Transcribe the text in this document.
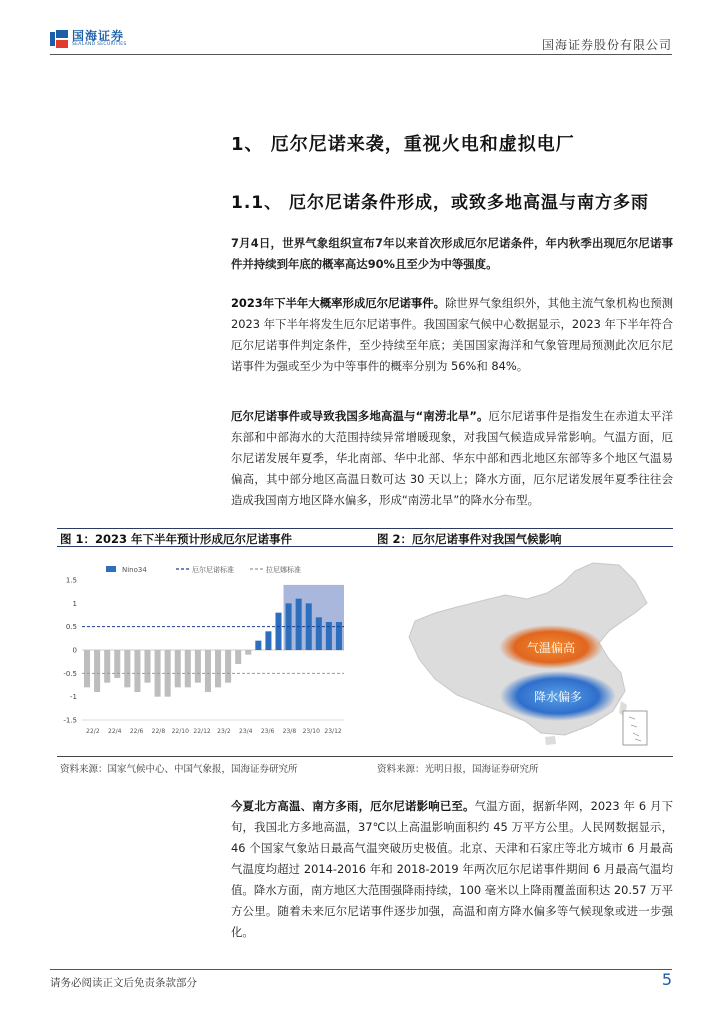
国海证券
SEALAND SECURITIES	国海证券股份有限公司
1、 厄尔尼诺来袭，重视火电和虚拟电厂
1.1、 厄尔尼诺条件形成，或致多地高温与南方多雨
7月4日，世界气象组织宣布7年以来首次形成厄尔尼诺条件，年内秋季出现厄尔尼诺事件并持续到年底的概率高达90%且至少为中等强度。
2023年下半年大概率形成厄尔尼诺事件。除世界气象组织外，其他主流气象机构也预测 2023 年下半年将发生厄尔尼诺事件。我国国家气候中心数据显示，2023 年下半年符合厄尔尼诺事件判定条件，至少持续至年底；美国国家海洋和气象管理局预测此次厄尔尼诺事件为强或至少为中等事件的概率分别为 56%和 84%。
厄尔尼诺事件或导致我国多地高温与“南涝北旱”。厄尔尼诺事件是指发生在赤道太平洋东部和中部海水的大范围持续异常增暖现象，对我国气候造成异常影响。气温方面，厄尔尼诺发展年夏季，华北南部、华中北部、华东中部和西北地区东部等多个地区气温易偏高，其中部分地区高温日数可达 30 天以上；降水方面，厄尔尼诺发展年夏季往往会造成我国南方地区降水偏多，形成“南涝北旱”的降水分布型。
图 1：2023 年下半年预计形成厄尔尼诺事件	图 2：厄尔尼诺事件对我国气候影响
Nino34	厄尔尼诺标准	拉尼娜标准
1.5
1
0.5
0
-0.5
-1
-1.5
22/2 22/4 22/6 22/8 22/10 22/12 23/2 23/4 23/6 23/8 23/10 23/12
气温偏高
降水偏多
资料来源：国家气候中心、中国气象报，国海证券研究所	资料来源：光明日报，国海证券研究所
今夏北方高温、南方多雨，厄尔尼诺影响已至。气温方面，据新华网，2023 年 6 月下旬，我国北方多地高温，37℃以上高温影响面积约 45 万平方公里。人民网数据显示，46 个国家气象站日最高气温突破历史极值。北京、天津和石家庄等北方城市 6 月最高气温度均超过 2014-2016 年和 2018-2019 年两次厄尔尼诺事件期间 6 月最高气温均值。降水方面，南方地区大范围强降雨持续，100 毫米以上降雨覆盖面积达 20.57 万平方公里。随着未来厄尔尼诺事件逐步加强，高温和南方降水偏多等气候现象或进一步强化。
请务必阅读正文后免责条款部分	5
